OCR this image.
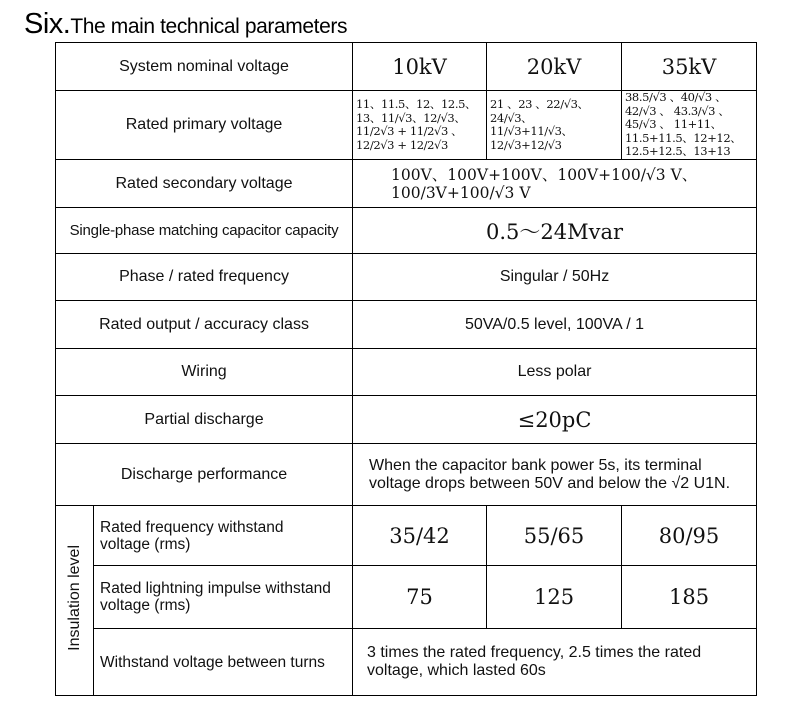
Six.The main technical parameters
System nominal voltage		10kV	20kV	35kV
Rated primary voltage		11、11.5、12、12.5、
13、11/√3、12/√3、
11/2√3 + 11/2√3 、
12/2√3 + 12/2√3	21 、23 、22/√3、
24/√3、
11/√3+11/√3、
12/√3+12/√3	38.5/√3 、40/√3 、
42/√3 、 43.3/√3 、
45/√3 、 11+11、
11.5+11.5、12+12、
12.5+12.5、13+13

Rated secondary voltage		100V、100V+100V、100V+100/√3 V、
100/3V+100/√3 V		

Single-phase matching capacitor capacity		0.5～24Mvar		
Phase / rated frequency		Singular / 50Hz		
Rated output / accuracy class		50VA/0.5 level, 100VA / 1		
Wiring		Less polar		
Partial discharge		≤20pC		
Discharge performance		When the capacitor bank power 5s, its terminal
voltage drops between 50V and below the √2 U1N.		

Insulation level	Rated frequency withstand
voltage (rms)	35/42	55/65	80/95

	Rated lightning impulse withstand
voltage (rms)	75	125	185
	Withstand voltage between turns	3 times the rated frequency, 2.5 times the rated
voltage, which lasted 60s		
